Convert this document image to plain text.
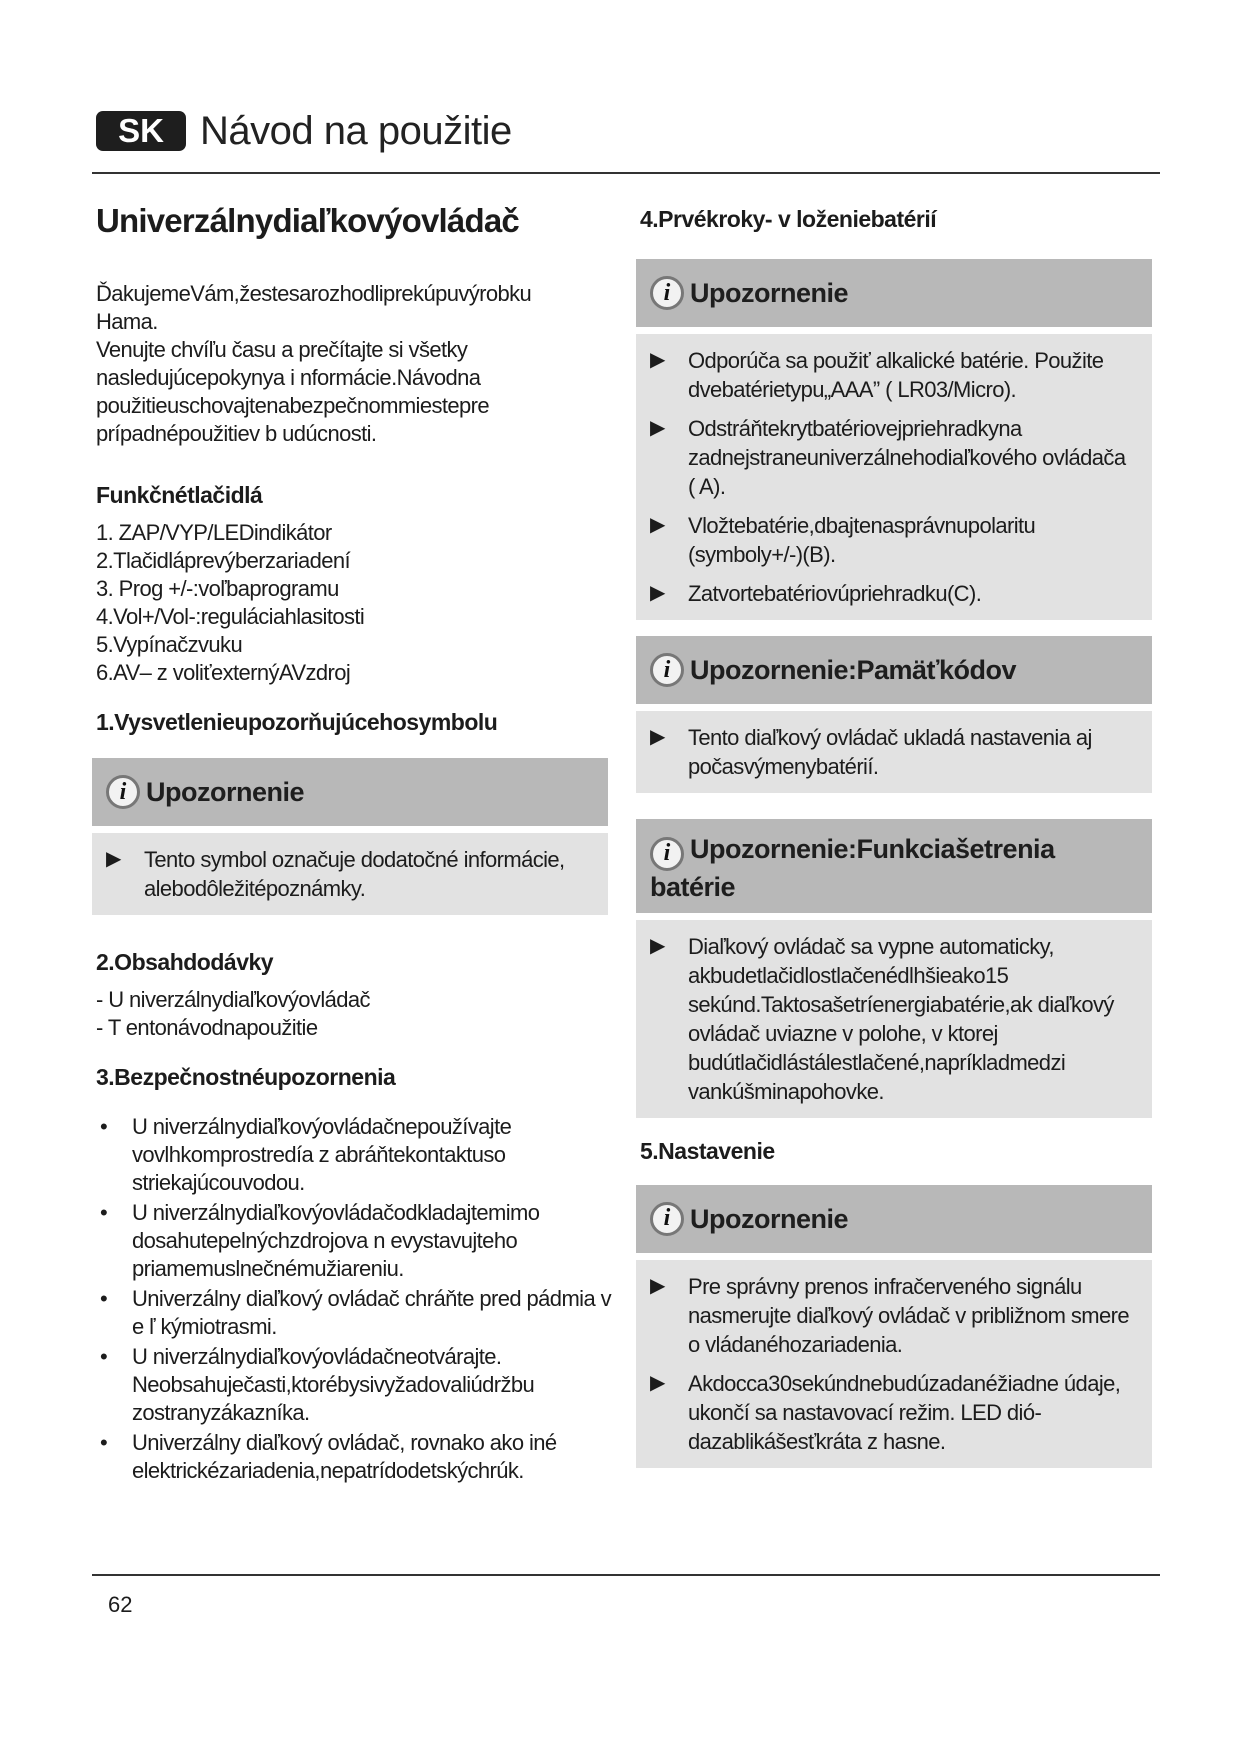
SK Návod na použitie
Univerzálnydiaľkovýovládač

ĎakujemeVám,žestesarozhodliprekúpuvýrobku

Hama.

Venujte chvíľu času a prečítajte si všetky

nasledujúcepokynya i nformácie.Návodna

použitieuschovajtenabezpečnommiestepre

prípadnépoužitiev b udúcnosti.

Funkčnétlačidlá
1. ZAP/VYP/LEDindikátor
2.Tlačidláprevýberzariadení
3. Prog +/-:voľbaprogramu
4.Vol+/Vol-:reguláciahlasitosti
5.Vypínačzvuku
6.AV– z voliťexternýAVzdroj
1.Vysvetlenieupozorňujúcehosymbolu
i Upozornenie
▶ Tento symbol označuje dodatočné informácie, alebodôležitépoznámky.
2.Obsahdodávky
- U niverzálnydiaľkovýovládač
- T entonávodnapoužitie
3.Bezpečnostnéupozornenia
• U niverzálnydiaľkovýovládačnepoužívajte vovlhkomprostredía z abráňtekontaktuso striekajúcouvodou.
• U niverzálnydiaľkovýovládačodkladajtemimo dosahutepelnýchzdrojova n evystavujteho priamemuslnečnémužiareniu.
• Univerzálny diaľkový ovládač chráňte pred pádmia v e ľ kýmiotrasmi.
• U niverzálnydiaľkovýovládačneotvárajte. Neobsahuječasti,ktorébysivyžadovaliúdržbu zostranyzákazníka.
• Univerzálny diaľkový ovládač, rovnako ako iné elektrickézariadenia,nepatrídodetskýchrúk.
4.Prvékroky- v loženiebatérií
i Upozornenie
▶ Odporúča sa použiť alkalické batérie. Použite dvebatérietypu„AAA” ( LR03/Micro).
▶ Odstráňtekrytbatériovejpriehradkyna zadnejstraneuniverzálnehodiaľkového ovládača ( A).
▶ Vložtebatérie,dbajtenasprávnupolaritu (symboly+/-)(B).
▶ Zatvortebatériovúpriehradku(C).
i Upozornenie:Pamäťkódov
▶ Tento diaľkový ovládač ukladá nastavenia aj počasvýmenybatérií.
i Upozornenie:Funkciašetrenia
batérie
▶ Diaľkový ovládač sa vypne automaticky, akbudetlačidlostlačenédlhšieako15 sekúnd.Taktosašetríenergiabatérie,ak diaľkový ovládač uviazne v polohe, v ktorej budútlačidlástálestlačené,napríkladmedzi vankúšminapohovke.
5.Nastavenie
i Upozornenie
▶ Pre správny prenos infračerveného signálu nasmerujte diaľkový ovládač v približnom smere o vládanéhozariadenia.
▶ Akdocca30sekúndnebudúzadanéžiadne údaje, ukončí sa nastavovací režim. LED dió- dazablikášesťkráta z hasne.
62
